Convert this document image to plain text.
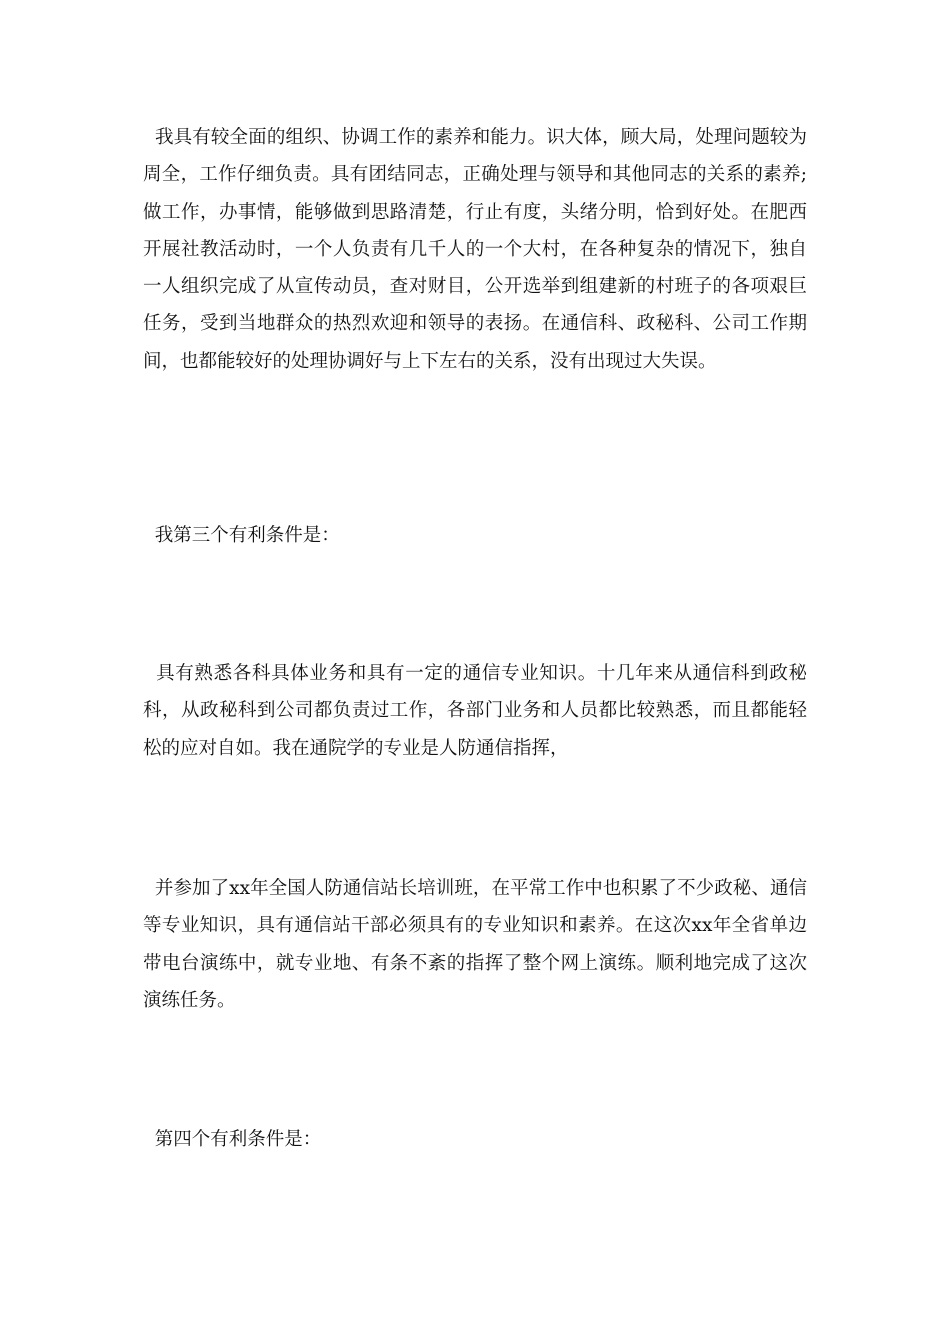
我具有较全面的组织、协调工作的素养和能力。识大体，顾大局，处理问题较为周全，工作仔细负责。具有团结同志，正确处理与领导和其他同志的关系的素养;做工作，办事情，能够做到思路清楚，行止有度，头绪分明，恰到好处。在肥西开展社教活动时，一个人负责有几千人的一个大村，在各种复杂的情况下，独自一人组织完成了从宣传动员，查对财目，公开选举到组建新的村班子的各项艰巨任务，受到当地群众的热烈欢迎和领导的表扬。在通信科、政秘科、公司工作期间，也都能较好的处理协调好与上下左右的关系，没有出现过大失误。

我第三个有利条件是：

具有熟悉各科具体业务和具有一定的通信专业知识。十几年来从通信科到政秘科，从政秘科到公司都负责过工作，各部门业务和人员都比较熟悉，而且都能轻松的应对自如。我在通院学的专业是人防通信指挥，

并参加了xx年全国人防通信站长培训班，在平常工作中也积累了不少政秘、通信等专业知识，具有通信站干部必须具有的专业知识和素养。在这次xx年全省单边带电台演练中，就专业地、有条不紊的指挥了整个网上演练。顺利地完成了这次演练任务。

第四个有利条件是：
